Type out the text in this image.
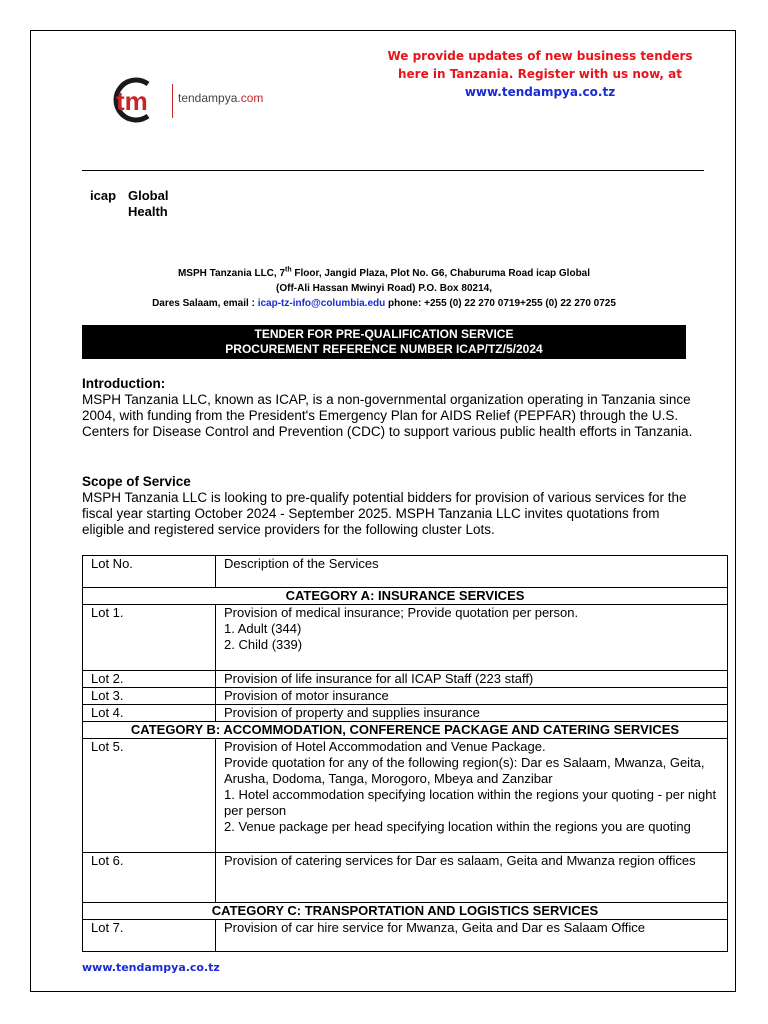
We provide updates of new business tenders
here in Tanzania. Register with us now, at
www.tendampya.co.tz
tm	tendampya.com
icap Global
Health
MSPH Tanzania LLC, 7th Floor, Jangid Plaza, Plot No. G6, Chaburuma Road icap Global
(Off-Ali Hassan Mwinyi Road) P.O. Box 80214,
Dares Salaam, email : icap-tz-info@columbia.edu phone: +255 (0) 22 270 0719+255 (0) 22 270 0725
TENDER FOR PRE-QUALIFICATION SERVICE
PROCUREMENT REFERENCE NUMBER ICAP/TZ/5/2024
Introduction:

MSPH Tanzania LLC, known as ICAP, is a non-governmental organization operating in Tanzania since 2004, with funding from the President's Emergency Plan for AIDS Relief (PEPFAR) through the U.S. Centers for Disease Control and Prevention (CDC) to support various public health efforts in Tanzania.

Scope of Service

MSPH Tanzania LLC is looking to pre-qualify potential bidders for provision of various services for the fiscal year starting October 2024 - September 2025. MSPH Tanzania LLC invites quotations from eligible and registered service providers for the following cluster Lots.

Lot No.	Description of the Services
CATEGORY A: INSURANCE SERVICES	
Lot 1.	Provision of medical insurance; Provide quotation per person.
1. Adult (344)
2. Child (339)

Lot 2.	Provision of life insurance for all ICAP Staff (223 staff)
Lot 3.	Provision of motor insurance
Lot 4.	Provision of property and supplies insurance
CATEGORY B: ACCOMMODATION, CONFERENCE PACKAGE AND CATERING SERVICES	
Lot 5.	Provision of Hotel Accommodation and Venue Package.
Provide quotation for any of the following region(s): Dar es Salaam, Mwanza, Geita, Arusha, Dodoma, Tanga, Morogoro, Mbeya and Zanzibar
1. Hotel accommodation specifying location within the regions your quoting - per night per person
2. Venue package per head specifying location within the regions you are quoting

Lot 6.	Provision of catering services for Dar es salaam, Geita and Mwanza region offices
CATEGORY C: TRANSPORTATION AND LOGISTICS SERVICES	
Lot 7.	Provision of car hire service for Mwanza, Geita and Dar es Salaam Office
www.tendampya.co.tz
